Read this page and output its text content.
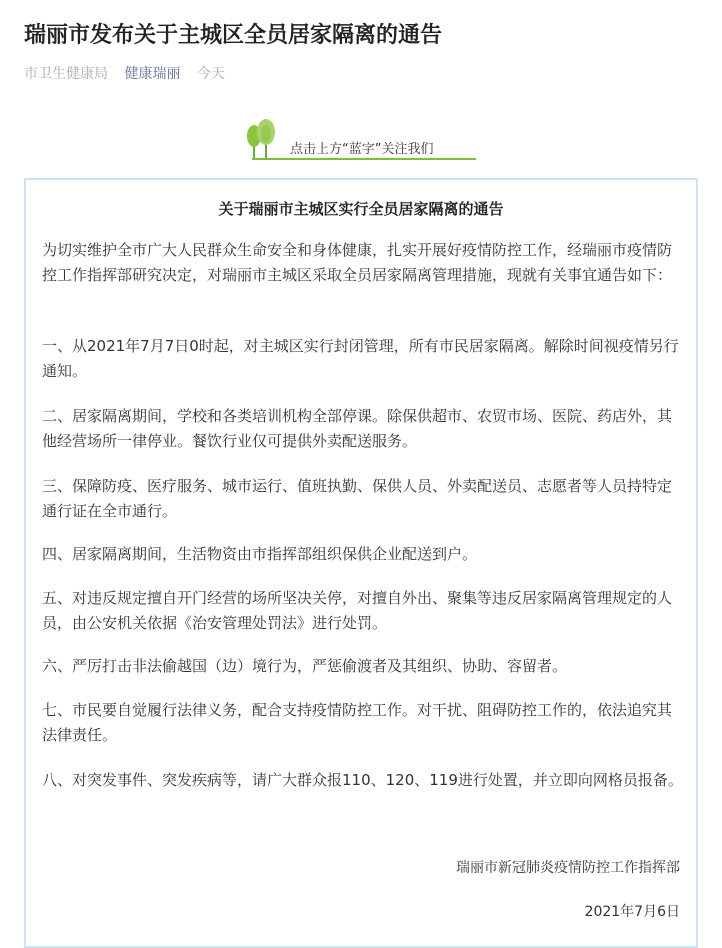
瑞丽市发布关于主城区全员居家隔离的通告
市卫生健康局 健康瑞丽 今天
点击上方“蓝字”关注我们
关于瑞丽市主城区实行全员居家隔离的通告

为切实维护全市广大人民群众生命安全和身体健康，扎实开展好疫情防控工作，经瑞丽市疫情防控工作指挥部研究决定，对瑞丽市主城区采取全员居家隔离管理措施，现就有关事宜通告如下：

一、从2021年7月7日0时起，对主城区实行封闭管理，所有市民居家隔离。解除时间视疫情另行通知。

二、居家隔离期间，学校和各类培训机构全部停课。除保供超市、农贸市场、医院、药店外，其他经营场所一律停业。餐饮行业仅可提供外卖配送服务。

三、保障防疫、医疗服务、城市运行、值班执勤、保供人员、外卖配送员、志愿者等人员持特定通行证在全市通行。

四、居家隔离期间，生活物资由市指挥部组织保供企业配送到户。

五、对违反规定擅自开门经营的场所坚决关停，对擅自外出、聚集等违反居家隔离管理规定的人员，由公安机关依据《治安管理处罚法》进行处罚。

六、严厉打击非法偷越国（边）境行为，严惩偷渡者及其组织、协助、容留者。

七、市民要自觉履行法律义务，配合支持疫情防控工作。对干扰、阻碍防控工作的，依法追究其法律责任。

八、对突发事件、突发疾病等，请广大群众报110、120、119进行处置，并立即向网格员报备。

瑞丽市新冠肺炎疫情防控工作指挥部
2021年7月6日
